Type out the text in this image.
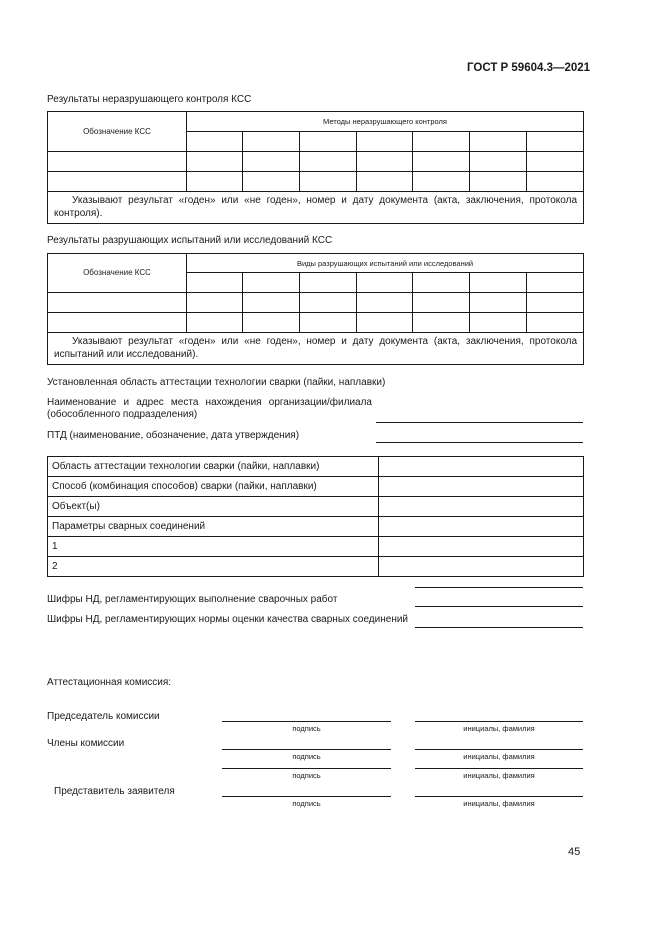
ГОСТ Р 59604.3—2021
Результаты неразрушающего контроля КСС
Обозначение КСС	Методы неразрушающего контроля						

Указывают результат «годен» или «не годен», номер и дату документа (акта, заключения, протокола контроля).							
Результаты разрушающих испытаний или исследований КСС
Обозначение КСС	Виды разрушающих испытаний или исследований						

Указывают результат «годен» или «не годен», номер и дату документа (акта, заключения, протокола испытаний или исследований).							
Установленная область аттестации технологии сварки (пайки, наплавки)
Наименование и адрес места нахождения организации/филиала
(обособленного подразделения)
ПТД (наименование, обозначение, дата утверждения)
Область аттестации технологии сварки (пайки, наплавки)	
Способ (комбинация способов) сварки (пайки, наплавки)	
Объект(ы)	
Параметры сварных соединений	
1	
2	
Шифры НД, регламентирующих выполнение сварочных работ
Шифры НД, регламентирующих нормы оценки качества сварных соединений
Аттестационная комиссия:
Председатель комиссии
подпись	инициалы, фамилия
Члены комиссии
подпись	инициалы, фамилия
подпись	инициалы, фамилия
Представитель заявителя
подпись	инициалы, фамилия
45
